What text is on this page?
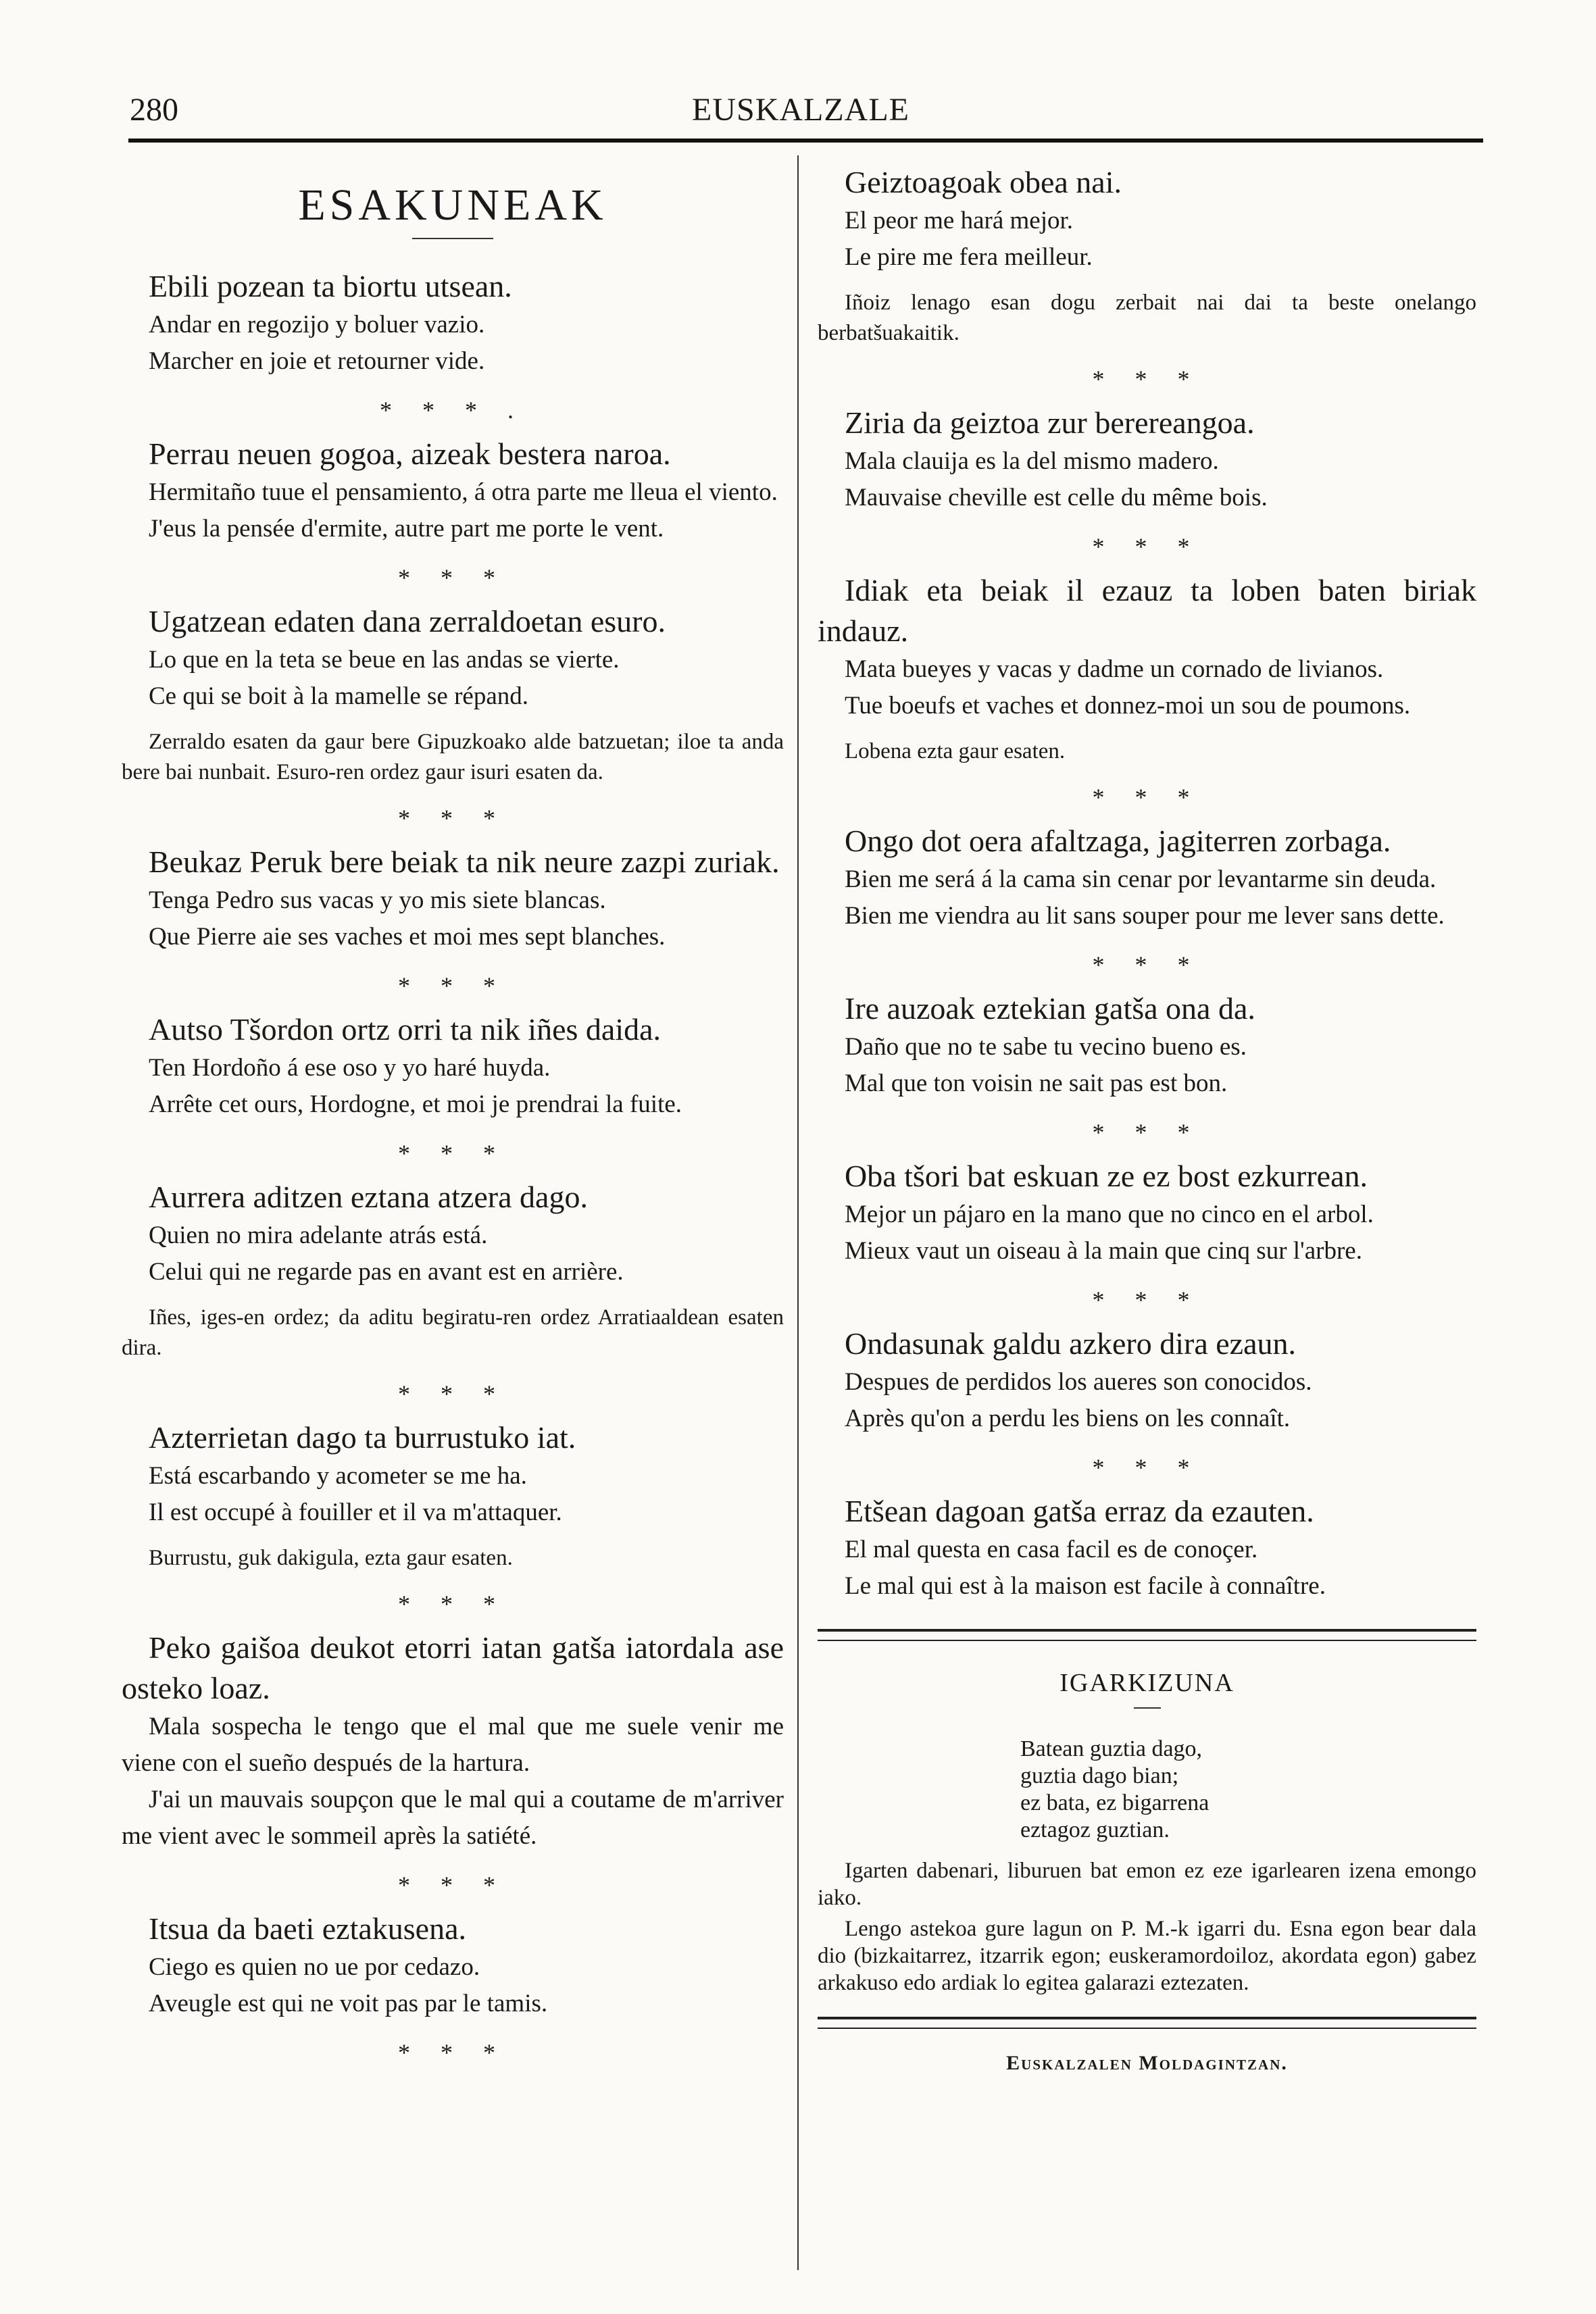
280	EUSKALZALE
ESAKUNEAK

Ebili pozean ta biortu utsean.

Andar en regozijo y boluer vazio.

Marcher en joie et retourner vide.

* * * .

Perrau neuen gogoa, aizeak bestera naroa.

Hermitaño tuue el pensamiento, á otra parte me lleua el viento.

J'eus la pensée d'ermite, autre part me porte le vent.

* * *

Ugatzean edaten dana zerraldoetan esuro.

Lo que en la teta se beue en las andas se vierte.

Ce qui se boit à la mamelle se répand.

Zerraldo esaten da gaur bere Gipuzkoako alde batzuetan; iloe ta anda bere bai nunbait. Esuro-ren ordez gaur isuri esaten da.

* * *

Beukaz Peruk bere beiak ta nik neure zazpi zuriak.

Tenga Pedro sus vacas y yo mis siete blancas.

Que Pierre aie ses vaches et moi mes sept blanches.

* * *

Autso Tšordon ortz orri ta nik iñes daida.

Ten Hordoño á ese oso y yo haré huyda.

Arrête cet ours, Hordogne, et moi je prendrai la fuite.

* * *

Aurrera aditzen eztana atzera dago.

Quien no mira adelante atrás está.

Celui qui ne regarde pas en avant est en arrière.

Iñes, iges-en ordez; da aditu begiratu-ren ordez Arratiaaldean esaten dira.

* * *

Azterrietan dago ta burrustuko iat.

Está escarbando y acometer se me ha.

Il est occupé à fouiller et il va m'attaquer.

Burrustu, guk dakigula, ezta gaur esaten.

* * *

Peko gaišoa deukot etorri iatan gatša iatordala ase osteko loaz.

Mala sospecha le tengo que el mal que me suele venir me viene con el sueño después de la hartura.

J'ai un mauvais soupçon que le mal qui a coutame de m'arriver me vient avec le sommeil après la satiété.

* * *

Itsua da baeti eztakusena.

Ciego es quien no ue por cedazo.

Aveugle est qui ne voit pas par le tamis.

* * *

Geiztoagoak obea nai.

El peor me hará mejor.

Le pire me fera meilleur.

Iñoiz lenago esan dogu zerbait nai dai ta beste onelango berbatšuakaitik.

* * *

Ziria da geiztoa zur berereangoa.

Mala clauija es la del mismo madero.

Mauvaise cheville est celle du même bois.

* * *

Idiak eta beiak il ezauz ta loben baten biriak indauz.

Mata bueyes y vacas y dadme un cornado de livianos.

Tue boeufs et vaches et donnez-moi un sou de poumons.

Lobena ezta gaur esaten.

* * *

Ongo dot oera afaltzaga, jagiterren zorbaga.

Bien me será á la cama sin cenar por levantarme sin deuda.

Bien me viendra au lit sans souper pour me lever sans dette.

* * *

Ire auzoak eztekian gatša ona da.

Daño que no te sabe tu vecino bueno es.

Mal que ton voisin ne sait pas est bon.

* * *

Oba tšori bat eskuan ze ez bost ezkurrean.

Mejor un pájaro en la mano que no cinco en el arbol.

Mieux vaut un oiseau à la main que cinq sur l'arbre.

* * *

Ondasunak galdu azkero dira ezaun.

Despues de perdidos los aueres son conocidos.

Après qu'on a perdu les biens on les connaît.

* * *

Etšean dagoan gatša erraz da ezauten.

El mal questa en casa facil es de conoçer.

Le mal qui est à la maison est facile à connaître.

IGARKIZUNA

Batean guztia dago,

guztia dago bian;

ez bata, ez bigarrena

eztagoz guztian.

Igarten dabenari, liburuen bat emon ez eze igarlearen izena emongo iako.

Lengo astekoa gure lagun on P. M.-k igarri du. Esna egon bear dala dio (bizkaitarrez, itzarrik egon; euskeramordoiloz, akordata egon) gabez arkakuso edo ardiak lo egitea galarazi eztezaten.

Euskalzalen Moldagintzan.
